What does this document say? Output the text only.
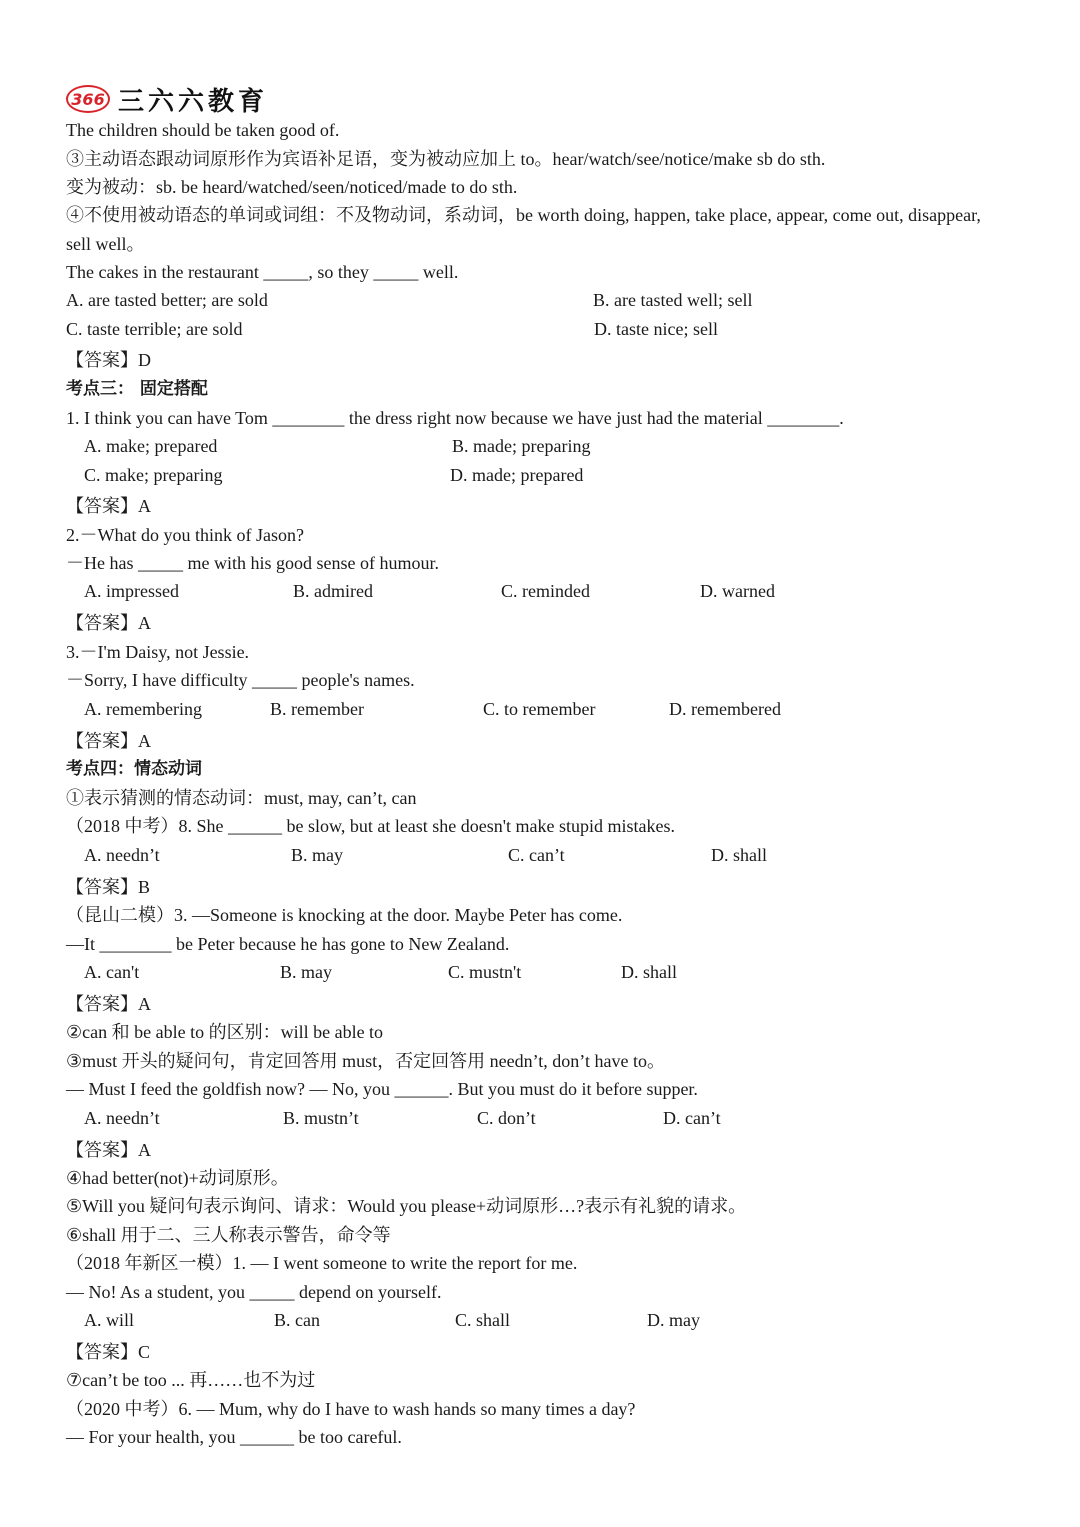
366 三六六教育
The children should be taken good of.
③主动语态跟动词原形作为宾语补足语，变为被动应加上 to。hear/watch/see/notice/make sb do sth.
变为被动：sb. be heard/watched/seen/noticed/made to do sth.
④不使用被动语态的单词或词组：不及物动词，系动词，be worth doing, happen, take place, appear, come out, disappear,
sell well。
The cakes in the restaurant _____, so they _____ well.
A. are tasted better; are sold	B. are tasted well; sell
C. taste terrible; are sold	D. taste nice; sell
【答案】D
考点三： 固定搭配
1. I think you can have Tom ________ the dress right now because we have just had the material ________.
A. make; prepared	B. made; preparing
C. make; preparing	D. made; prepared
【答案】A
2.－What do you think of Jason?
－He has _____ me with his good sense of humour.
A. impressed	B. admired	C. reminded	D. warned
【答案】A
3.－I'm Daisy, not Jessie.
－Sorry, I have difficulty _____ people's names.
A. remembering	B. remember	C. to remember	D. remembered
【答案】A
考点四：情态动词
①表示猜测的情态动词：must, may, can’t, can
（2018 中考）8. She ______ be slow, but at least she doesn't make stupid mistakes.
A. needn’t	B. may	C. can’t	D. shall
【答案】B
（昆山二模）3. —Someone is knocking at the door. Maybe Peter has come.
—It ________ be Peter because he has gone to New Zealand.
A. can't	B. may	C. mustn't	D. shall
【答案】A
②can 和 be able to 的区别：will be able to
③must 开头的疑问句，肯定回答用 must，否定回答用 needn’t, don’t have to。
— Must I feed the goldfish now? — No, you ______. But you must do it before supper.
A. needn’t	B. mustn’t	C. don’t	D. can’t
【答案】A
④had better(not)+动词原形。
⑤Will you 疑问句表示询问、请求：Would you please+动词原形…?表示有礼貌的请求。
⑥shall 用于二、三人称表示警告，命令等
（2018 年新区一模）1. — I went someone to write the report for me.
— No! As a student, you _____ depend on yourself.
A. will	B. can	C. shall	D. may
【答案】C
⑦can’t be too ... 再……也不为过
（2020 中考）6. — Mum, why do I have to wash hands so many times a day?
— For your health, you ______ be too careful.
